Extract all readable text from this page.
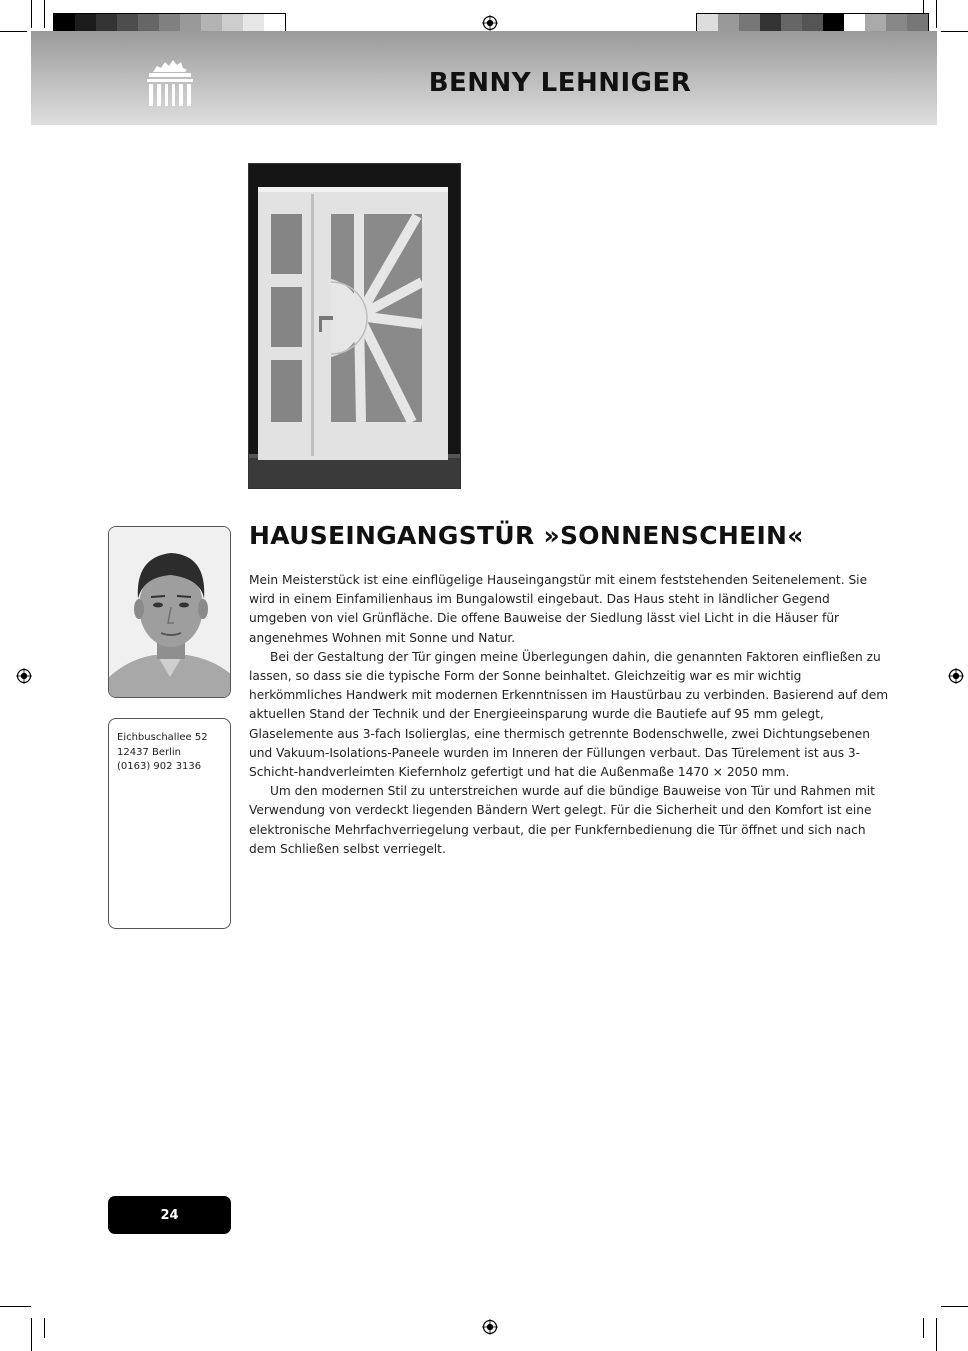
BENNY LEHNIGER
Eichbuschallee 52
12437 Berlin
(0163) 902 3136
HAUSEINGANGSTÜR »SONNENSCHEIN«

Mein Meisterstück ist eine einflügelige Hauseingangstür mit einem feststehenden Seitenelement. Sie wird in einem Einfamilienhaus im Bungalowstil eingebaut. Das Haus steht in ländlicher Gegend umgeben von viel Grünfläche. Die offene Bauweise der Siedlung lässt viel Licht in die Häuser für angenehmes Wohnen mit Sonne und Natur.

Bei der Gestaltung der Tür gingen meine Überlegungen dahin, die genannten Faktoren einfließen zu lassen, so dass sie die typische Form der Sonne beinhaltet. Gleichzeitig war es mir wichtig herkömmliches Handwerk mit modernen Erkenntnissen im Haustürbau zu verbinden. Basierend auf dem aktuellen Stand der Technik und der Energieeinsparung wurde die Bautiefe auf 95 mm gelegt, Glaselemente aus 3-fach Isolierglas, eine thermisch getrennte Bodenschwelle, zwei Dichtungsebenen und Vakuum-Isolations-Paneele wurden im Inneren der Füllungen verbaut. Das Türelement ist aus 3-Schicht-handverleimten Kiefernholz gefertigt und hat die Außenmaße 1470 × 2050 mm.

Um den modernen Stil zu unterstreichen wurde auf die bündige Bauweise von Tür und Rahmen mit Verwendung von verdeckt liegenden Bändern Wert gelegt. Für die Sicherheit und den Komfort ist eine elektronische Mehrfachverriegelung verbaut, die per Funkfernbedienung die Tür öffnet und sich nach dem Schließen selbst verriegelt.

24
